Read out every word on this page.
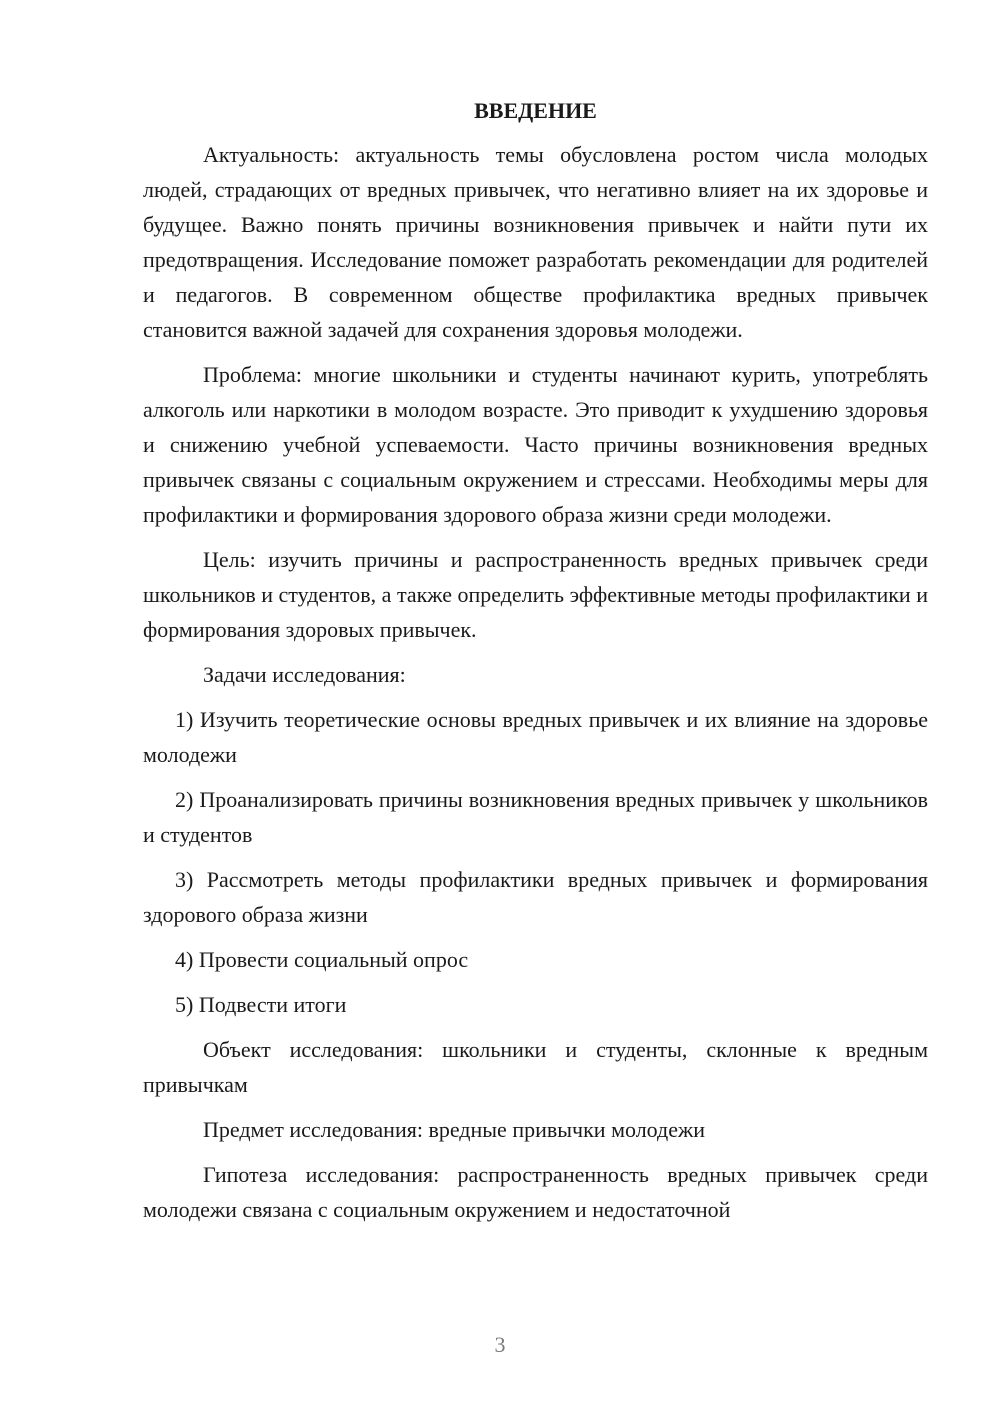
ВВЕДЕНИЕ

Актуальность: актуальность темы обусловлена ростом числа молодых людей, страдающих от вредных привычек, что негативно влияет на их здоровье и будущее. Важно понять причины возникновения привычек и найти пути их предотвращения. Исследование поможет разработать рекомендации для родителей и педагогов. В современном обществе профилактика вредных привычек становится важной задачей для сохранения здоровья молодежи.

Проблема: многие школьники и студенты начинают курить, употреблять алкоголь или наркотики в молодом возрасте. Это приводит к ухудшению здоровья и снижению учебной успеваемости. Часто причины возникновения вредных привычек связаны с социальным окружением и стрессами. Необходимы меры для профилактики и формирования здорового образа жизни среди молодежи.

Цель: изучить причины и распространенность вредных привычек среди школьников и студентов, а также определить эффективные методы профилактики и формирования здоровых привычек.

Задачи исследования:

1) Изучить теоретические основы вредных привычек и их влияние на здоровье молодежи

2) Проанализировать причины возникновения вредных привычек у школьников и студентов

3) Рассмотреть методы профилактики вредных привычек и формирования здорового образа жизни

4) Провести социальный опрос

5) Подвести итоги

Объект исследования: школьники и студенты, склонные к вредным привычкам

Предмет исследования: вредные привычки молодежи

Гипотеза исследования: распространенность вредных привычек среди молодежи связана с социальным окружением и недостаточной

3
